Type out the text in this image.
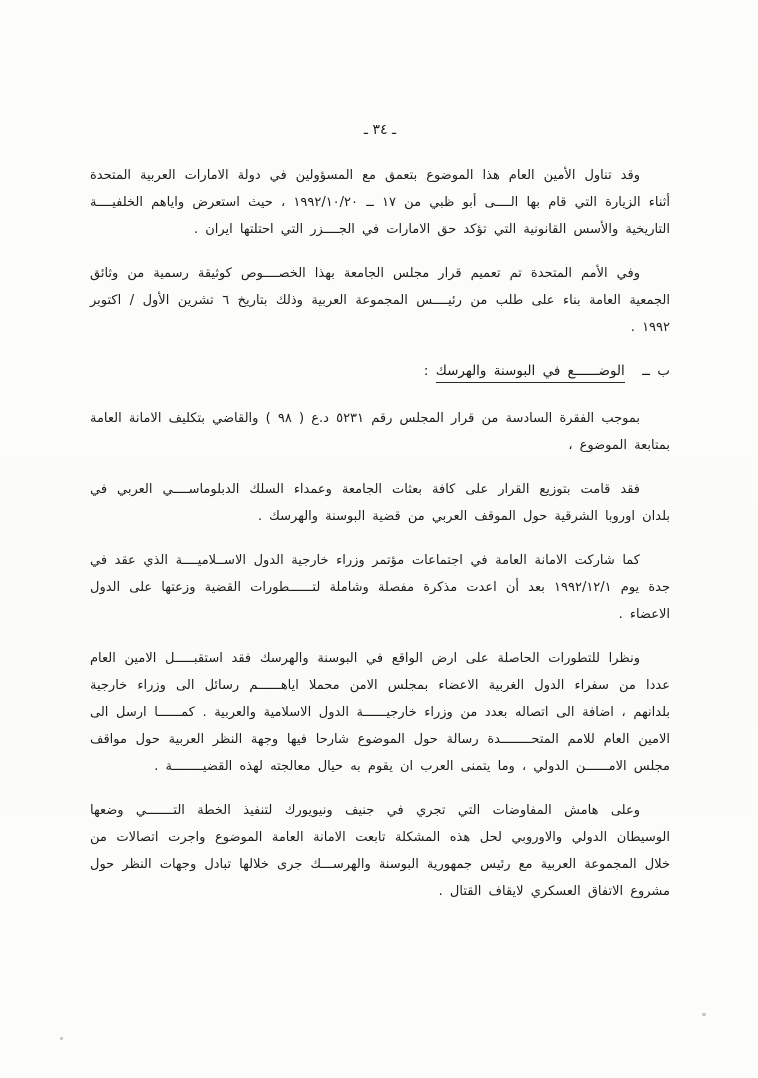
ـ ٣٤ ـ

وقد تناول الأمين العام هذا الموضوع بتعمق مع المسؤولين في دولة الامارات العربية المتحدة أثناء الزيارة التي قام بها الــــى أبو ظبي من ١٧ ــ ١٩٩٢/١٠/٢٠ ، حيث استعرض واياهم الخلفيــــة التاريخية والأسس القانونية التي تؤكد حق الامارات في الجــــزر التي احتلتها ايران .

وفي الأمم المتحدة تم تعميم قرار مجلس الجامعة بهذا الخصــــوص كوثيقة رسمية من وثائق الجمعية العامة بناء على طلب من رئيــــس المجموعة العربية وذلك بتاريخ ٦ تشرين الأول / اكتوبر ١٩٩٢ .

ب ــ الوضــــــع في البوسنة والهرسك :

بموجب الفقرة السادسة من قرار المجلس رقم ٥٢٣١ د.ع ( ٩٨ ) والقاضي بتكليف الامانة العامة بمتابعة الموضوع ،

فقد قامت بتوزيع القرار على كافة بعثات الجامعة وعمداء السلك الدبلوماســــي العربي في بلدان اوروبا الشرقية حول الموقف العربي من قضية البوسنة والهرسك .

كما شاركت الامانة العامة في اجتماعات مؤتمر وزراء خارجية الدول الاســلاميــــة الذي عقد في جدة يوم ١٩٩٢/١٢/١ بعد أن اعدت مذكرة مفصلة وشاملة لتــــــطورات القضية وزعتها على الدول الاعضاء .

ونظرا للتطورات الحاصلة على ارض الواقع في البوسنة والهرسك فقد استقبـــــل الامين العام عددا من سفراء الدول الغربية الاعضاء بمجلس الامن محملا اياهــــــم رسائل الى وزراء خارجية بلدانهم ، اضافة الى اتصاله بعدد من وزراء خارجيــــــة الدول الاسلامية والعربية . كمــــــا ارسل الى الامين العام للامم المتحــــــــدة رسالة حول الموضوع شارحا فيها وجهة النظر العربية حول مواقف مجلس الامــــــن الدولي ، وما يتمنى العرب ان يقوم به حيال معالجته لهذه القضيــــــــة .

وعلى هامش المفاوضات التي تجري في جنيف ونيويورك لتنفيذ الخطة التـــــــي وضعها الوسيطان الدولي والاوروبي لحل هذه المشكلة تابعت الامانة العامة الموضوع واجرت اتصالات من خلال المجموعة العربية مع رئيس جمهورية البوسنة والهرســـك جرى خلالها تبادل وجهات النظر حول مشروع الاتفاق العسكري لايقاف القتال .
